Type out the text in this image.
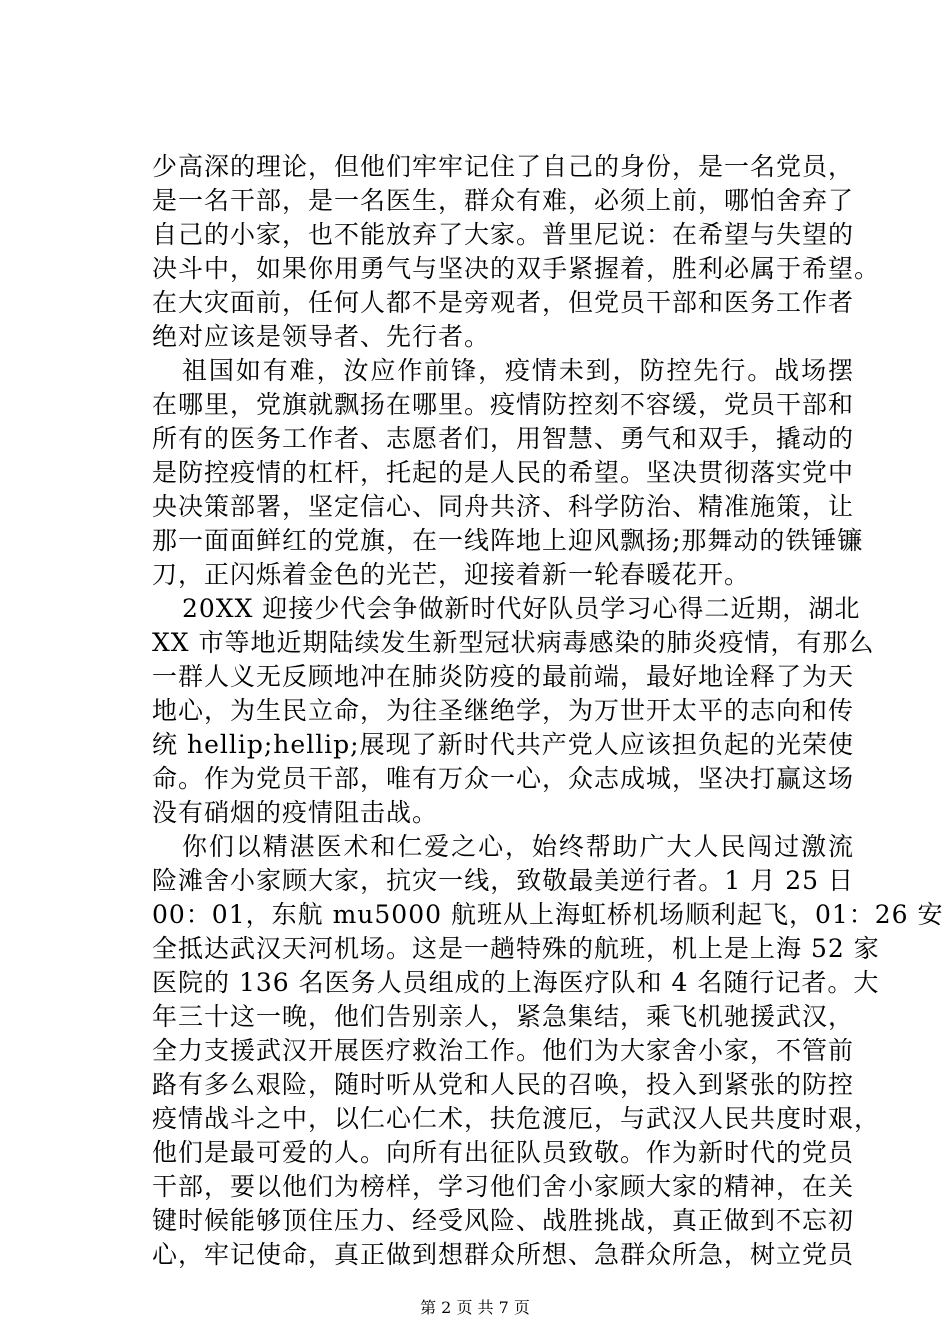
少高深的理论，但他们牢牢记住了自己的身份，是一名党员，
是一名干部，是一名医生，群众有难，必须上前，哪怕舍弃了
自己的小家，也不能放弃了大家。普里尼说：在希望与失望的
决斗中，如果你用勇气与坚决的双手紧握着，胜利必属于希望。
在大灾面前，任何人都不是旁观者，但党员干部和医务工作者
绝对应该是领导者、先行者。
祖国如有难，汝应作前锋，疫情未到，防控先行。战场摆
在哪里，党旗就飘扬在哪里。疫情防控刻不容缓，党员干部和
所有的医务工作者、志愿者们，用智慧、勇气和双手，撬动的
是防控疫情的杠杆，托起的是人民的希望。坚决贯彻落实党中
央决策部署，坚定信心、同舟共济、科学防治、精准施策，让
那一面面鲜红的党旗，在一线阵地上迎风飘扬;那舞动的铁锤镰
刀，正闪烁着金色的光芒，迎接着新一轮春暖花开。
20XX 迎接少代会争做新时代好队员学习心得二近期，湖北
XX 市等地近期陆续发生新型冠状病毒感染的肺炎疫情，有那么
一群人义无反顾地冲在肺炎防疫的最前端，最好地诠释了为天
地心，为生民立命，为往圣继绝学，为万世开太平的志向和传
统 hellip;hellip;展现了新时代共产党人应该担负起的光荣使
命。作为党员干部，唯有万众一心，众志成城，坚决打赢这场
没有硝烟的疫情阻击战。
你们以精湛医术和仁爱之心，始终帮助广大人民闯过激流
险滩舍小家顾大家，抗灾一线，致敬最美逆行者。1 月 25 日
00：01，东航 mu5000 航班从上海虹桥机场顺利起飞，01：26 安
全抵达武汉天河机场。这是一趟特殊的航班，机上是上海 52 家
医院的 136 名医务人员组成的上海医疗队和 4 名随行记者。大
年三十这一晚，他们告别亲人，紧急集结，乘飞机驰援武汉，
全力支援武汉开展医疗救治工作。他们为大家舍小家，不管前
路有多么艰险，随时听从党和人民的召唤，投入到紧张的防控
疫情战斗之中，以仁心仁术，扶危渡厄，与武汉人民共度时艰，
他们是最可爱的人。向所有出征队员致敬。作为新时代的党员
干部，要以他们为榜样，学习他们舍小家顾大家的精神，在关
键时候能够顶住压力、经受风险、战胜挑战，真正做到不忘初
心，牢记使命，真正做到想群众所想、急群众所急，树立党员
第 2 页 共 7 页
